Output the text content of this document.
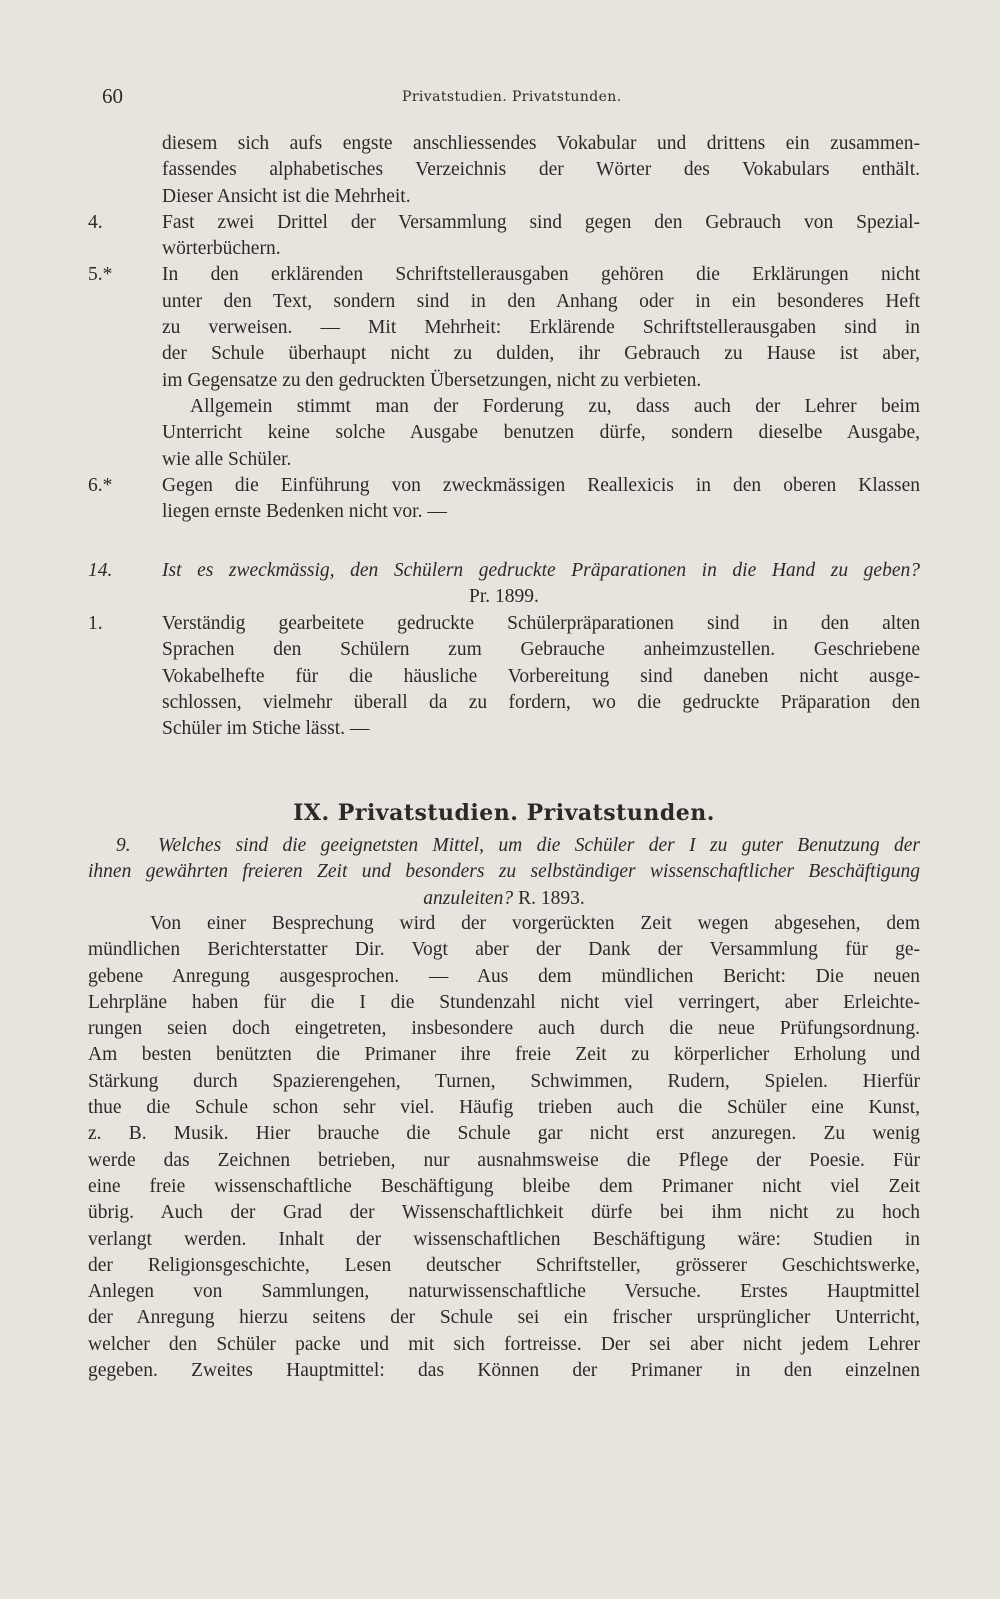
60	Privatstudien. Privatstunden.
diesem sich aufs engste anschliessendes Vokabular und drittens ein zusammen-
fassendes alphabetisches Verzeichnis der Wörter des Vokabulars enthält.
Dieser Ansicht ist die Mehrheit.
4.	Fast zwei Drittel der Versammlung sind gegen den Gebrauch von Spezial-
wörterbüchern.
5.*	In den erklärenden Schriftstellerausgaben gehören die Erklärungen nicht
unter den Text, sondern sind in den Anhang oder in ein besonderes Heft
zu verweisen. — Mit Mehrheit: Erklärende Schriftstellerausgaben sind in
der Schule überhaupt nicht zu dulden, ihr Gebrauch zu Hause ist aber,
im Gegensatze zu den gedruckten Übersetzungen, nicht zu verbieten.
Allgemein stimmt man der Forderung zu, dass auch der Lehrer beim
Unterricht keine solche Ausgabe benutzen dürfe, sondern dieselbe Ausgabe,
wie alle Schüler.
6.*	Gegen die Einführung von zweckmässigen Reallexicis in den oberen Klassen
liegen ernste Bedenken nicht vor. —
14.	Ist es zweckmässig, den Schülern gedruckte Präparationen in die Hand zu geben?
Pr. 1899.
1.	Verständig gearbeitete gedruckte Schülerpräparationen sind in den alten
Sprachen den Schülern zum Gebrauche anheimzustellen. Geschriebene
Vokabelhefte für die häusliche Vorbereitung sind daneben nicht ausge-
schlossen, vielmehr überall da zu fordern, wo die gedruckte Präparation den
Schüler im Stiche lässt. —
IX. Privatstudien. Privatstunden.
9. Welches sind die geeignetsten Mittel, um die Schüler der I zu guter Benutzung der
ihnen gewährten freieren Zeit und besonders zu selbständiger wissenschaftlicher Beschäftigung
anzuleiten? R. 1893.
Von einer Besprechung wird der vorgerückten Zeit wegen abgesehen, dem
mündlichen Berichterstatter Dir. Vogt aber der Dank der Versammlung für ge-
gebene Anregung ausgesprochen. — Aus dem mündlichen Bericht: Die neuen
Lehrpläne haben für die I die Stundenzahl nicht viel verringert, aber Erleichte-
rungen seien doch eingetreten, insbesondere auch durch die neue Prüfungsordnung.
Am besten benützten die Primaner ihre freie Zeit zu körperlicher Erholung und
Stärkung durch Spazierengehen, Turnen, Schwimmen, Rudern, Spielen. Hierfür
thue die Schule schon sehr viel. Häufig trieben auch die Schüler eine Kunst,
z. B. Musik. Hier brauche die Schule gar nicht erst anzuregen. Zu wenig
werde das Zeichnen betrieben, nur ausnahmsweise die Pflege der Poesie. Für
eine freie wissenschaftliche Beschäftigung bleibe dem Primaner nicht viel Zeit
übrig. Auch der Grad der Wissenschaftlichkeit dürfe bei ihm nicht zu hoch
verlangt werden. Inhalt der wissenschaftlichen Beschäftigung wäre: Studien in
der Religionsgeschichte, Lesen deutscher Schriftsteller, grösserer Geschichtswerke,
Anlegen von Sammlungen, naturwissenschaftliche Versuche. Erstes Hauptmittel
der Anregung hierzu seitens der Schule sei ein frischer ursprünglicher Unterricht,
welcher den Schüler packe und mit sich fortreisse. Der sei aber nicht jedem Lehrer
gegeben. Zweites Hauptmittel: das Können der Primaner in den einzelnen
